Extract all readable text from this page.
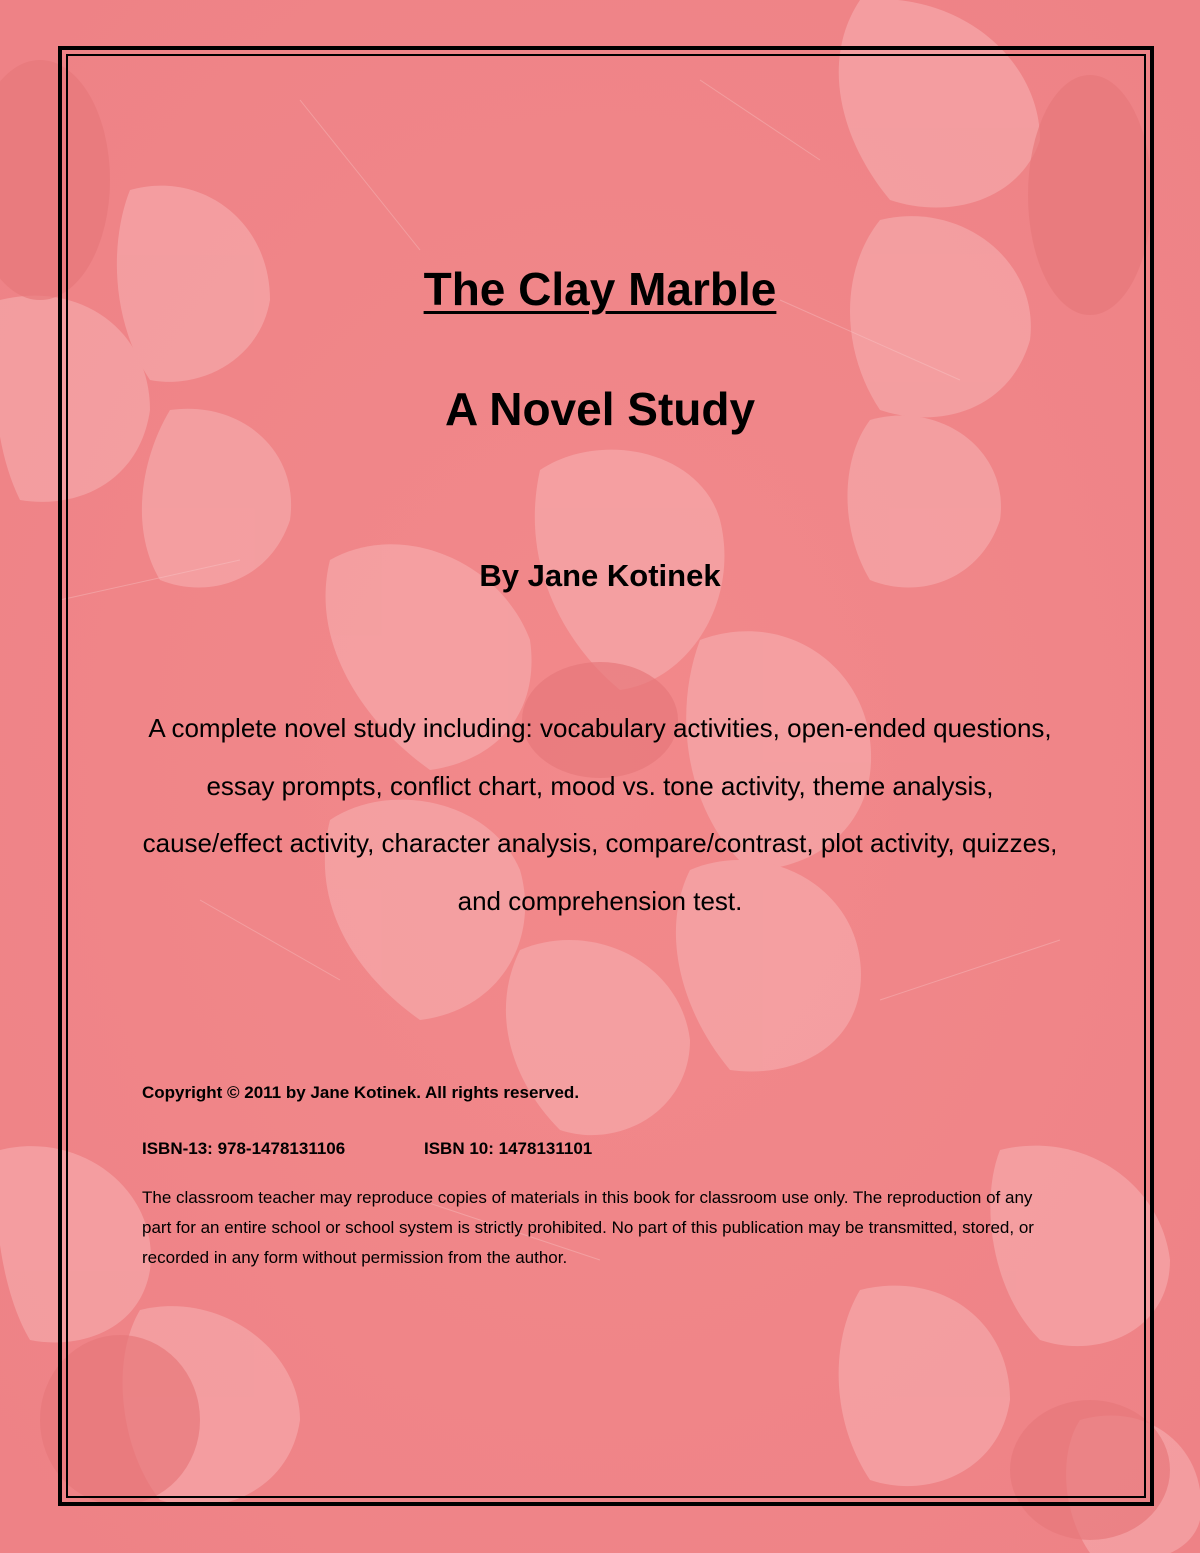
The Clay Marble
A Novel Study
By Jane Kotinek
A complete novel study including: vocabulary activities, open-ended questions, essay prompts, conflict chart, mood vs. tone activity, theme analysis, cause/effect activity, character analysis, compare/contrast, plot activity, quizzes, and comprehension test.
Copyright © 2011 by Jane Kotinek. All rights reserved.
ISBN-13: 978-1478131106	ISBN 10: 1478131101
The classroom teacher may reproduce copies of materials in this book for classroom use only. The reproduction of any part for an entire school or school system is strictly prohibited. No part of this publication may be transmitted, stored, or recorded in any form without permission from the author.
